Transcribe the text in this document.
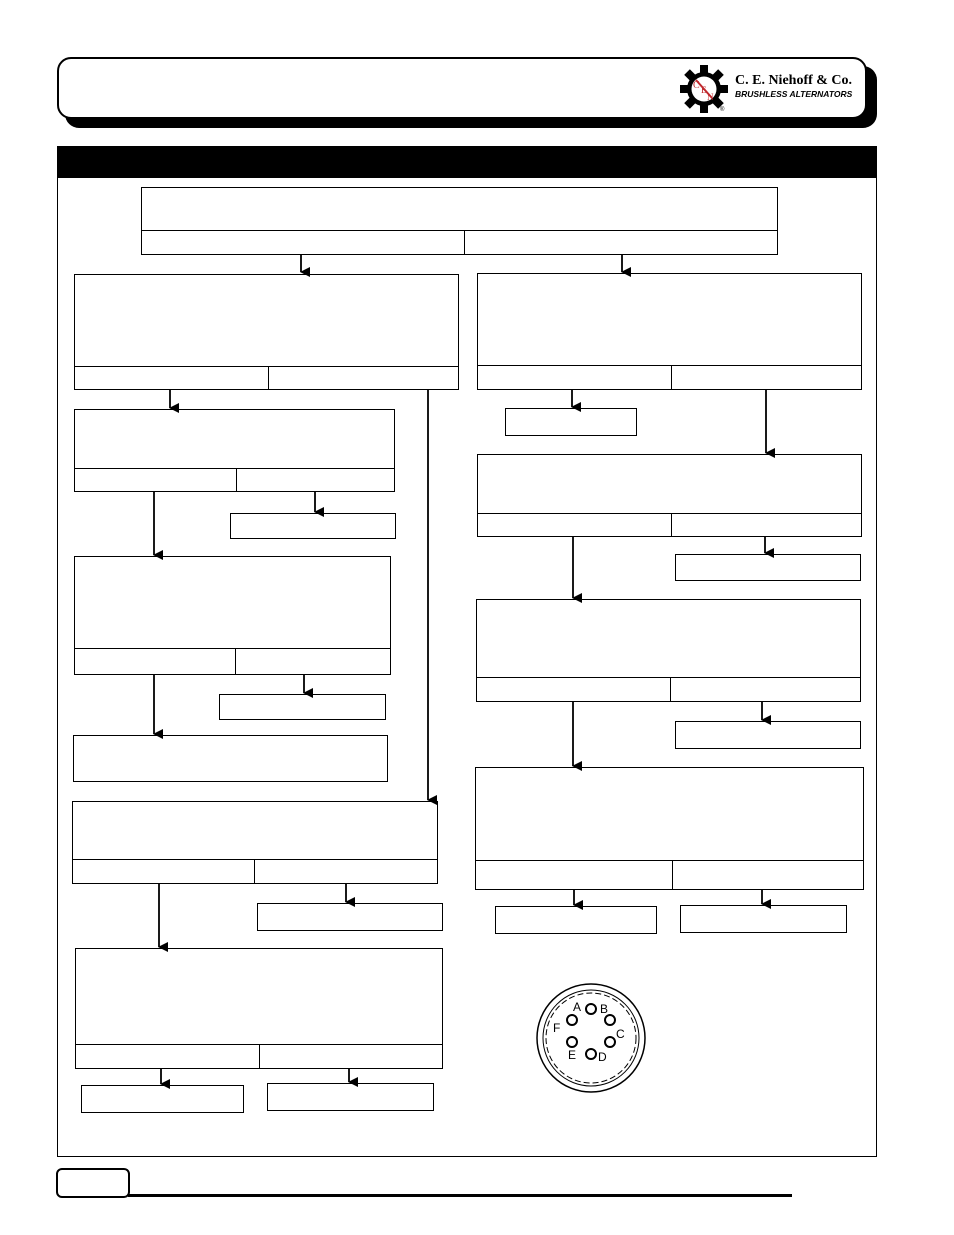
C E
N
®
C. E. Niehoff & Co.
BRUSHLESS ALTERNATORS
A B
C
D
E
F
